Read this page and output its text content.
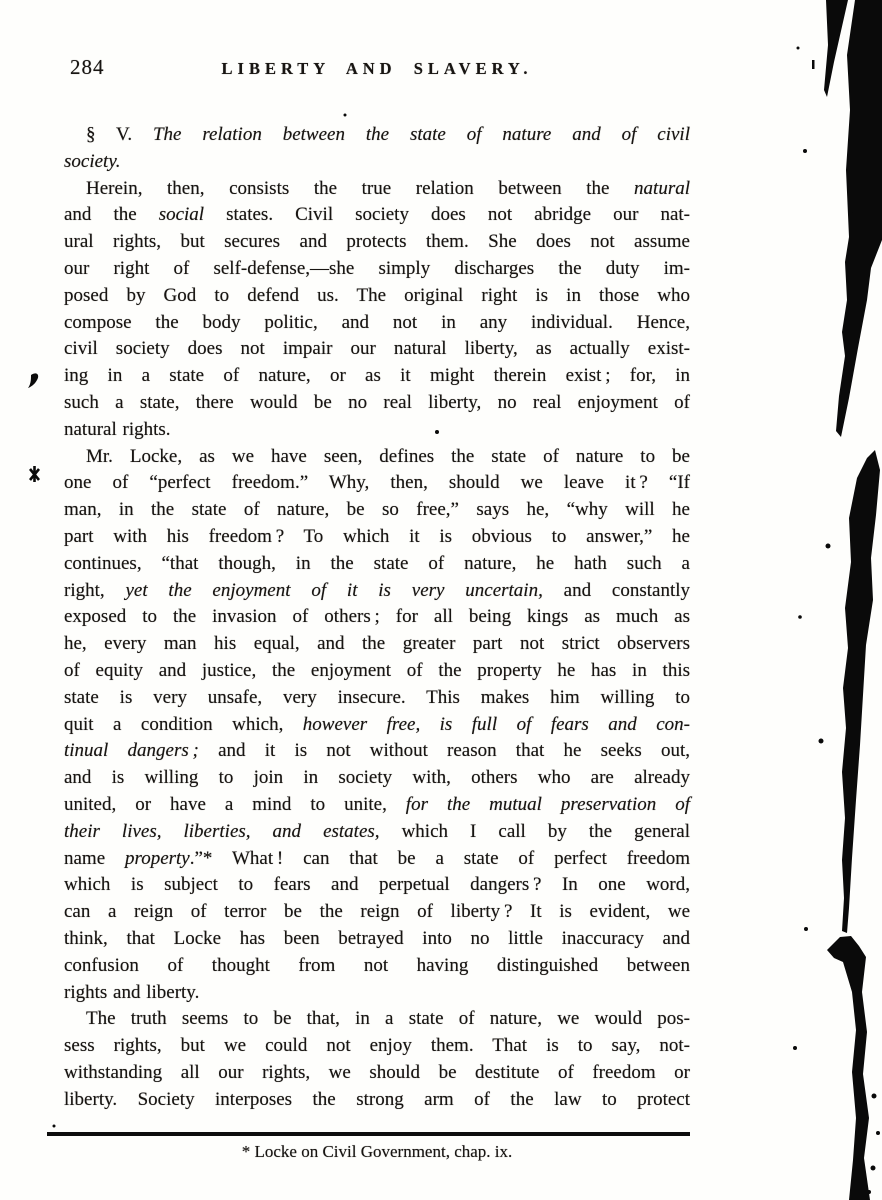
284	LIBERTY AND SLAVERY.
§ V. The relation between the state of nature and of civil
society.
Herein, then, consists the true relation between the natural
and the social states. Civil society does not abridge our nat-
ural rights, but secures and protects them. She does not assume
our right of self-defense,—she simply discharges the duty im-
posed by God to defend us. The original right is in those who
compose the body politic, and not in any individual. Hence,
civil society does not impair our natural liberty, as actually exist-
ing in a state of nature, or as it might therein exist ; for, in
such a state, there would be no real liberty, no real enjoyment of
natural rights.
Mr. Locke, as we have seen, defines the state of nature to be
one of “perfect freedom.” Why, then, should we leave it ? “If
man, in the state of nature, be so free,” says he, “why will he
part with his freedom ? To which it is obvious to answer,” he
continues, “that though, in the state of nature, he hath such a
right, yet the enjoyment of it is very uncertain, and constantly
exposed to the invasion of others ; for all being kings as much as
he, every man his equal, and the greater part not strict observers
of equity and justice, the enjoyment of the property he has in this
state is very unsafe, very insecure. This makes him willing to
quit a condition which, however free, is full of fears and con-
tinual dangers ; and it is not without reason that he seeks out,
and is willing to join in society with, others who are already
united, or have a mind to unite, for the mutual preservation of
their lives, liberties, and estates, which I call by the general
name property.”* What ! can that be a state of perfect freedom
which is subject to fears and perpetual dangers ? In one word,
can a reign of terror be the reign of liberty ? It is evident, we
think, that Locke has been betrayed into no little inaccuracy and
confusion of thought from not having distinguished between
rights and liberty.
The truth seems to be that, in a state of nature, we would pos-
sess rights, but we could not enjoy them. That is to say, not-
withstanding all our rights, we should be destitute of freedom or
liberty. Society interposes the strong arm of the law to protect
* Locke on Civil Government, chap. ix.
